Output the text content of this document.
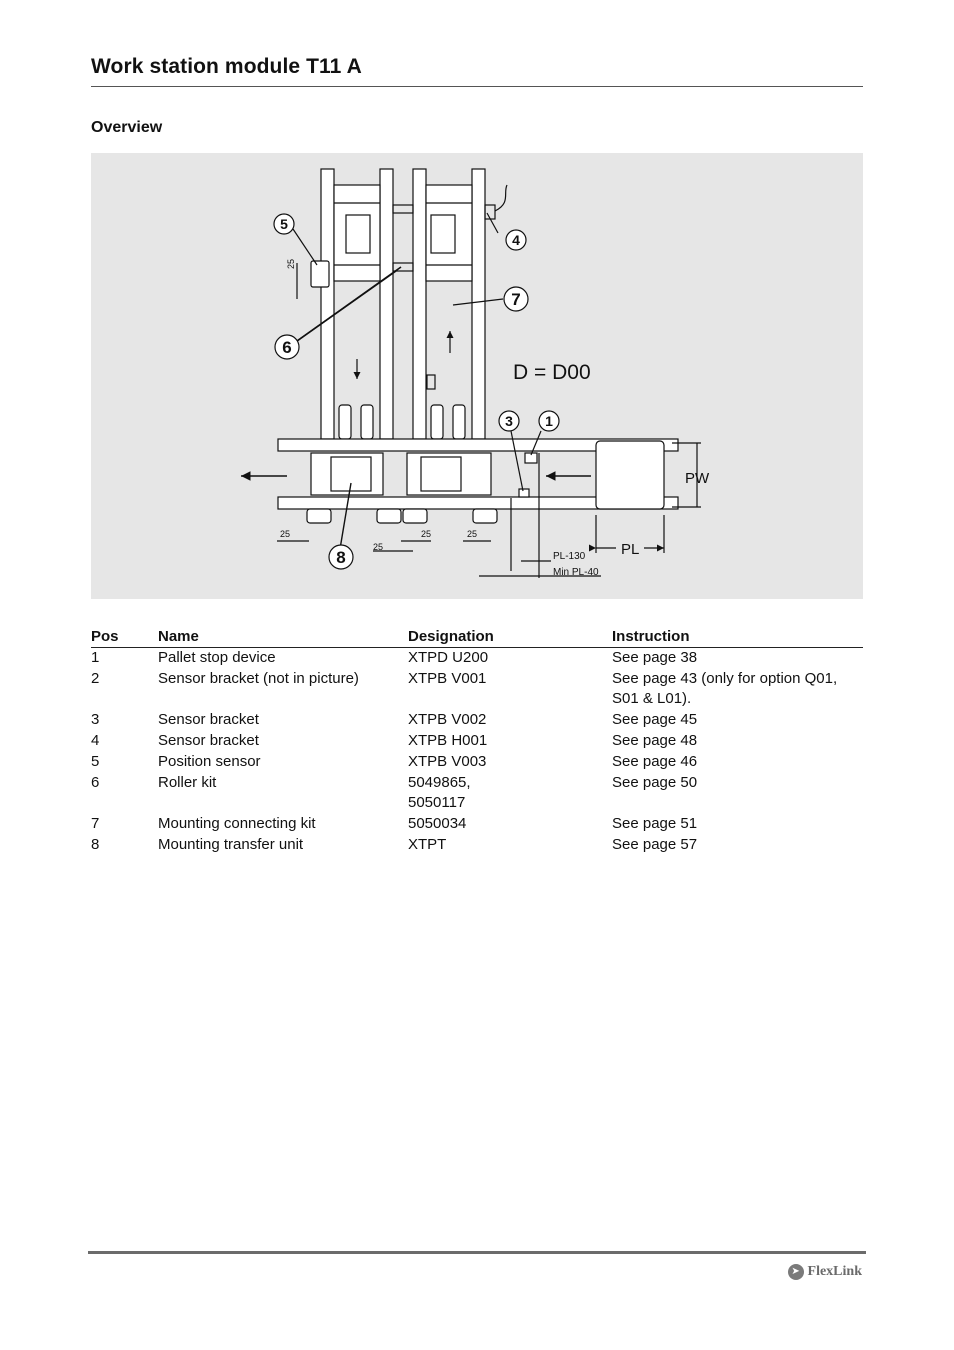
Work station module T11 A
Overview
5
4
7
6
3 1
8
D = D00
PW
PL
PL-130
Min PL-40
25
25
25	25
25
Pos	Name	Designation	Instruction
1	Pallet stop device	XTPD U200	See page 38
2	Sensor bracket (not in picture)	XTPB V001	See page 43 (only for option Q01, S01 & L01).
3	Sensor bracket	XTPB V002	See page 45
4	Sensor bracket	XTPB H001	See page 48
5	Position sensor	XTPB V003	See page 46
6	Roller kit	5049865, 5050117	See page 50
7	Mounting connecting kit	5050034	See page 51
8	Mounting transfer unit	XTPT	See page 57
➤ FlexLink
